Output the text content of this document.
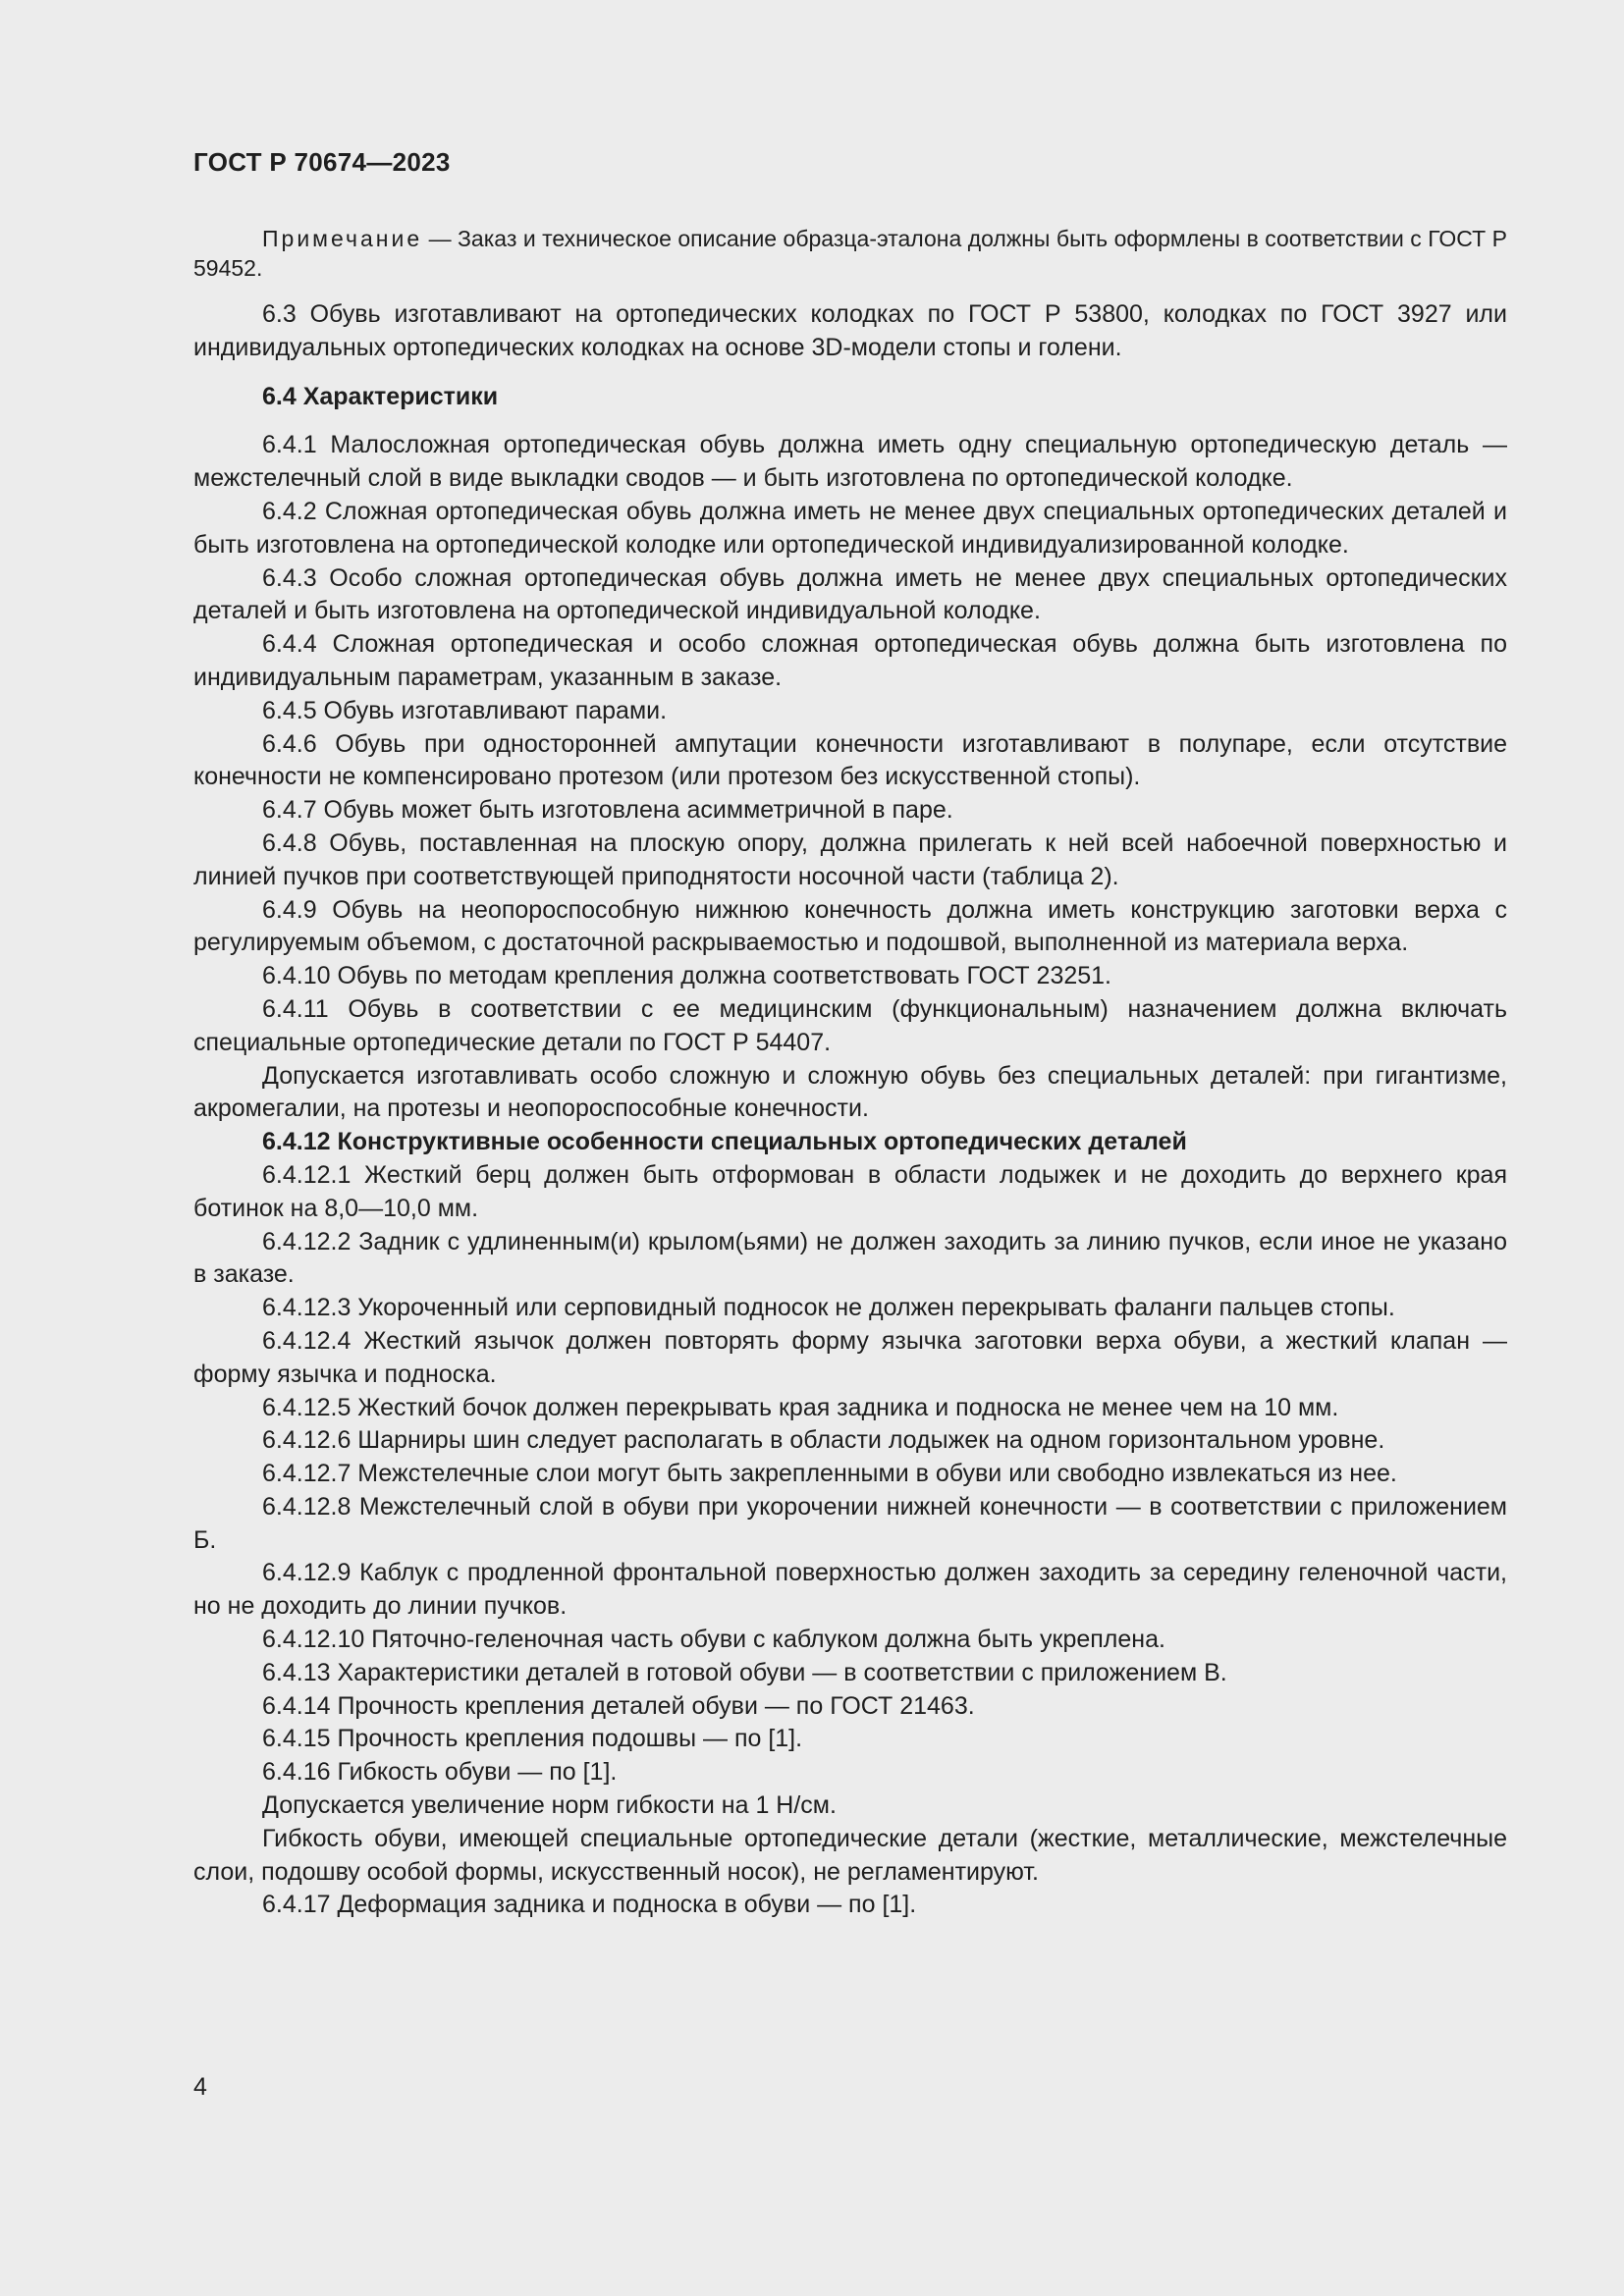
ГОСТ Р 70674—2023

Примечание — Заказ и техническое описание образца-эталона должны быть оформлены в соответствии с ГОСТ Р 59452.

6.3 Обувь изготавливают на ортопедических колодках по ГОСТ Р 53800, колодках по ГОСТ 3927 или индивидуальных ортопедических колодках на основе 3D-модели стопы и голени.

6.4 Характеристики

6.4.1 Малосложная ортопедическая обувь должна иметь одну специальную ортопедическую деталь — межстелечный слой в виде выкладки сводов — и быть изготовлена по ортопедической колодке.

6.4.2 Сложная ортопедическая обувь должна иметь не менее двух специальных ортопедических деталей и быть изготовлена на ортопедической колодке или ортопедической индивидуализированной колодке.

6.4.3 Особо сложная ортопедическая обувь должна иметь не менее двух специальных ортопедических деталей и быть изготовлена на ортопедической индивидуальной колодке.

6.4.4 Сложная ортопедическая и особо сложная ортопедическая обувь должна быть изготовлена по индивидуальным параметрам, указанным в заказе.

6.4.5 Обувь изготавливают парами.

6.4.6 Обувь при односторонней ампутации конечности изготавливают в полупаре, если отсутствие конечности не компенсировано протезом (или протезом без искусственной стопы).

6.4.7 Обувь может быть изготовлена асимметричной в паре.

6.4.8 Обувь, поставленная на плоскую опору, должна прилегать к ней всей набоечной поверхностью и линией пучков при соответствующей приподнятости носочной части (таблица 2).

6.4.9 Обувь на неопороспособную нижнюю конечность должна иметь конструкцию заготовки верха с регулируемым объемом, с достаточной раскрываемостью и подошвой, выполненной из материала верха.

6.4.10 Обувь по методам крепления должна соответствовать ГОСТ 23251.

6.4.11 Обувь в соответствии с ее медицинским (функциональным) назначением должна включать специальные ортопедические детали по ГОСТ Р 54407.

Допускается изготавливать особо сложную и сложную обувь без специальных деталей: при гигантизме, акромегалии, на протезы и неопороспособные конечности.

6.4.12 Конструктивные особенности специальных ортопедических деталей

6.4.12.1 Жесткий берц должен быть отформован в области лодыжек и не доходить до верхнего края ботинок на 8,0—10,0 мм.

6.4.12.2 Задник с удлиненным(и) крылом(ьями) не должен заходить за линию пучков, если иное не указано в заказе.

6.4.12.3 Укороченный или серповидный подносок не должен перекрывать фаланги пальцев стопы.

6.4.12.4 Жесткий язычок должен повторять форму язычка заготовки верха обуви, а жесткий клапан — форму язычка и подноска.

6.4.12.5 Жесткий бочок должен перекрывать края задника и подноска не менее чем на 10 мм.

6.4.12.6 Шарниры шин следует располагать в области лодыжек на одном горизонтальном уровне.

6.4.12.7 Межстелечные слои могут быть закрепленными в обуви или свободно извлекаться из нее.

6.4.12.8 Межстелечный слой в обуви при укорочении нижней конечности — в соответствии с приложением Б.

6.4.12.9 Каблук с продленной фронтальной поверхностью должен заходить за середину геленочной части, но не доходить до линии пучков.

6.4.12.10 Пяточно-геленочная часть обуви с каблуком должна быть укреплена.

6.4.13 Характеристики деталей в готовой обуви — в соответствии с приложением В.

6.4.14 Прочность крепления деталей обуви — по ГОСТ 21463.

6.4.15 Прочность крепления подошвы — по [1].

6.4.16 Гибкость обуви — по [1].

Допускается увеличение норм гибкости на 1 Н/см.

Гибкость обуви, имеющей специальные ортопедические детали (жесткие, металлические, межстелечные слои, подошву особой формы, искусственный носок), не регламентируют.

6.4.17 Деформация задника и подноска в обуви — по [1].

4
